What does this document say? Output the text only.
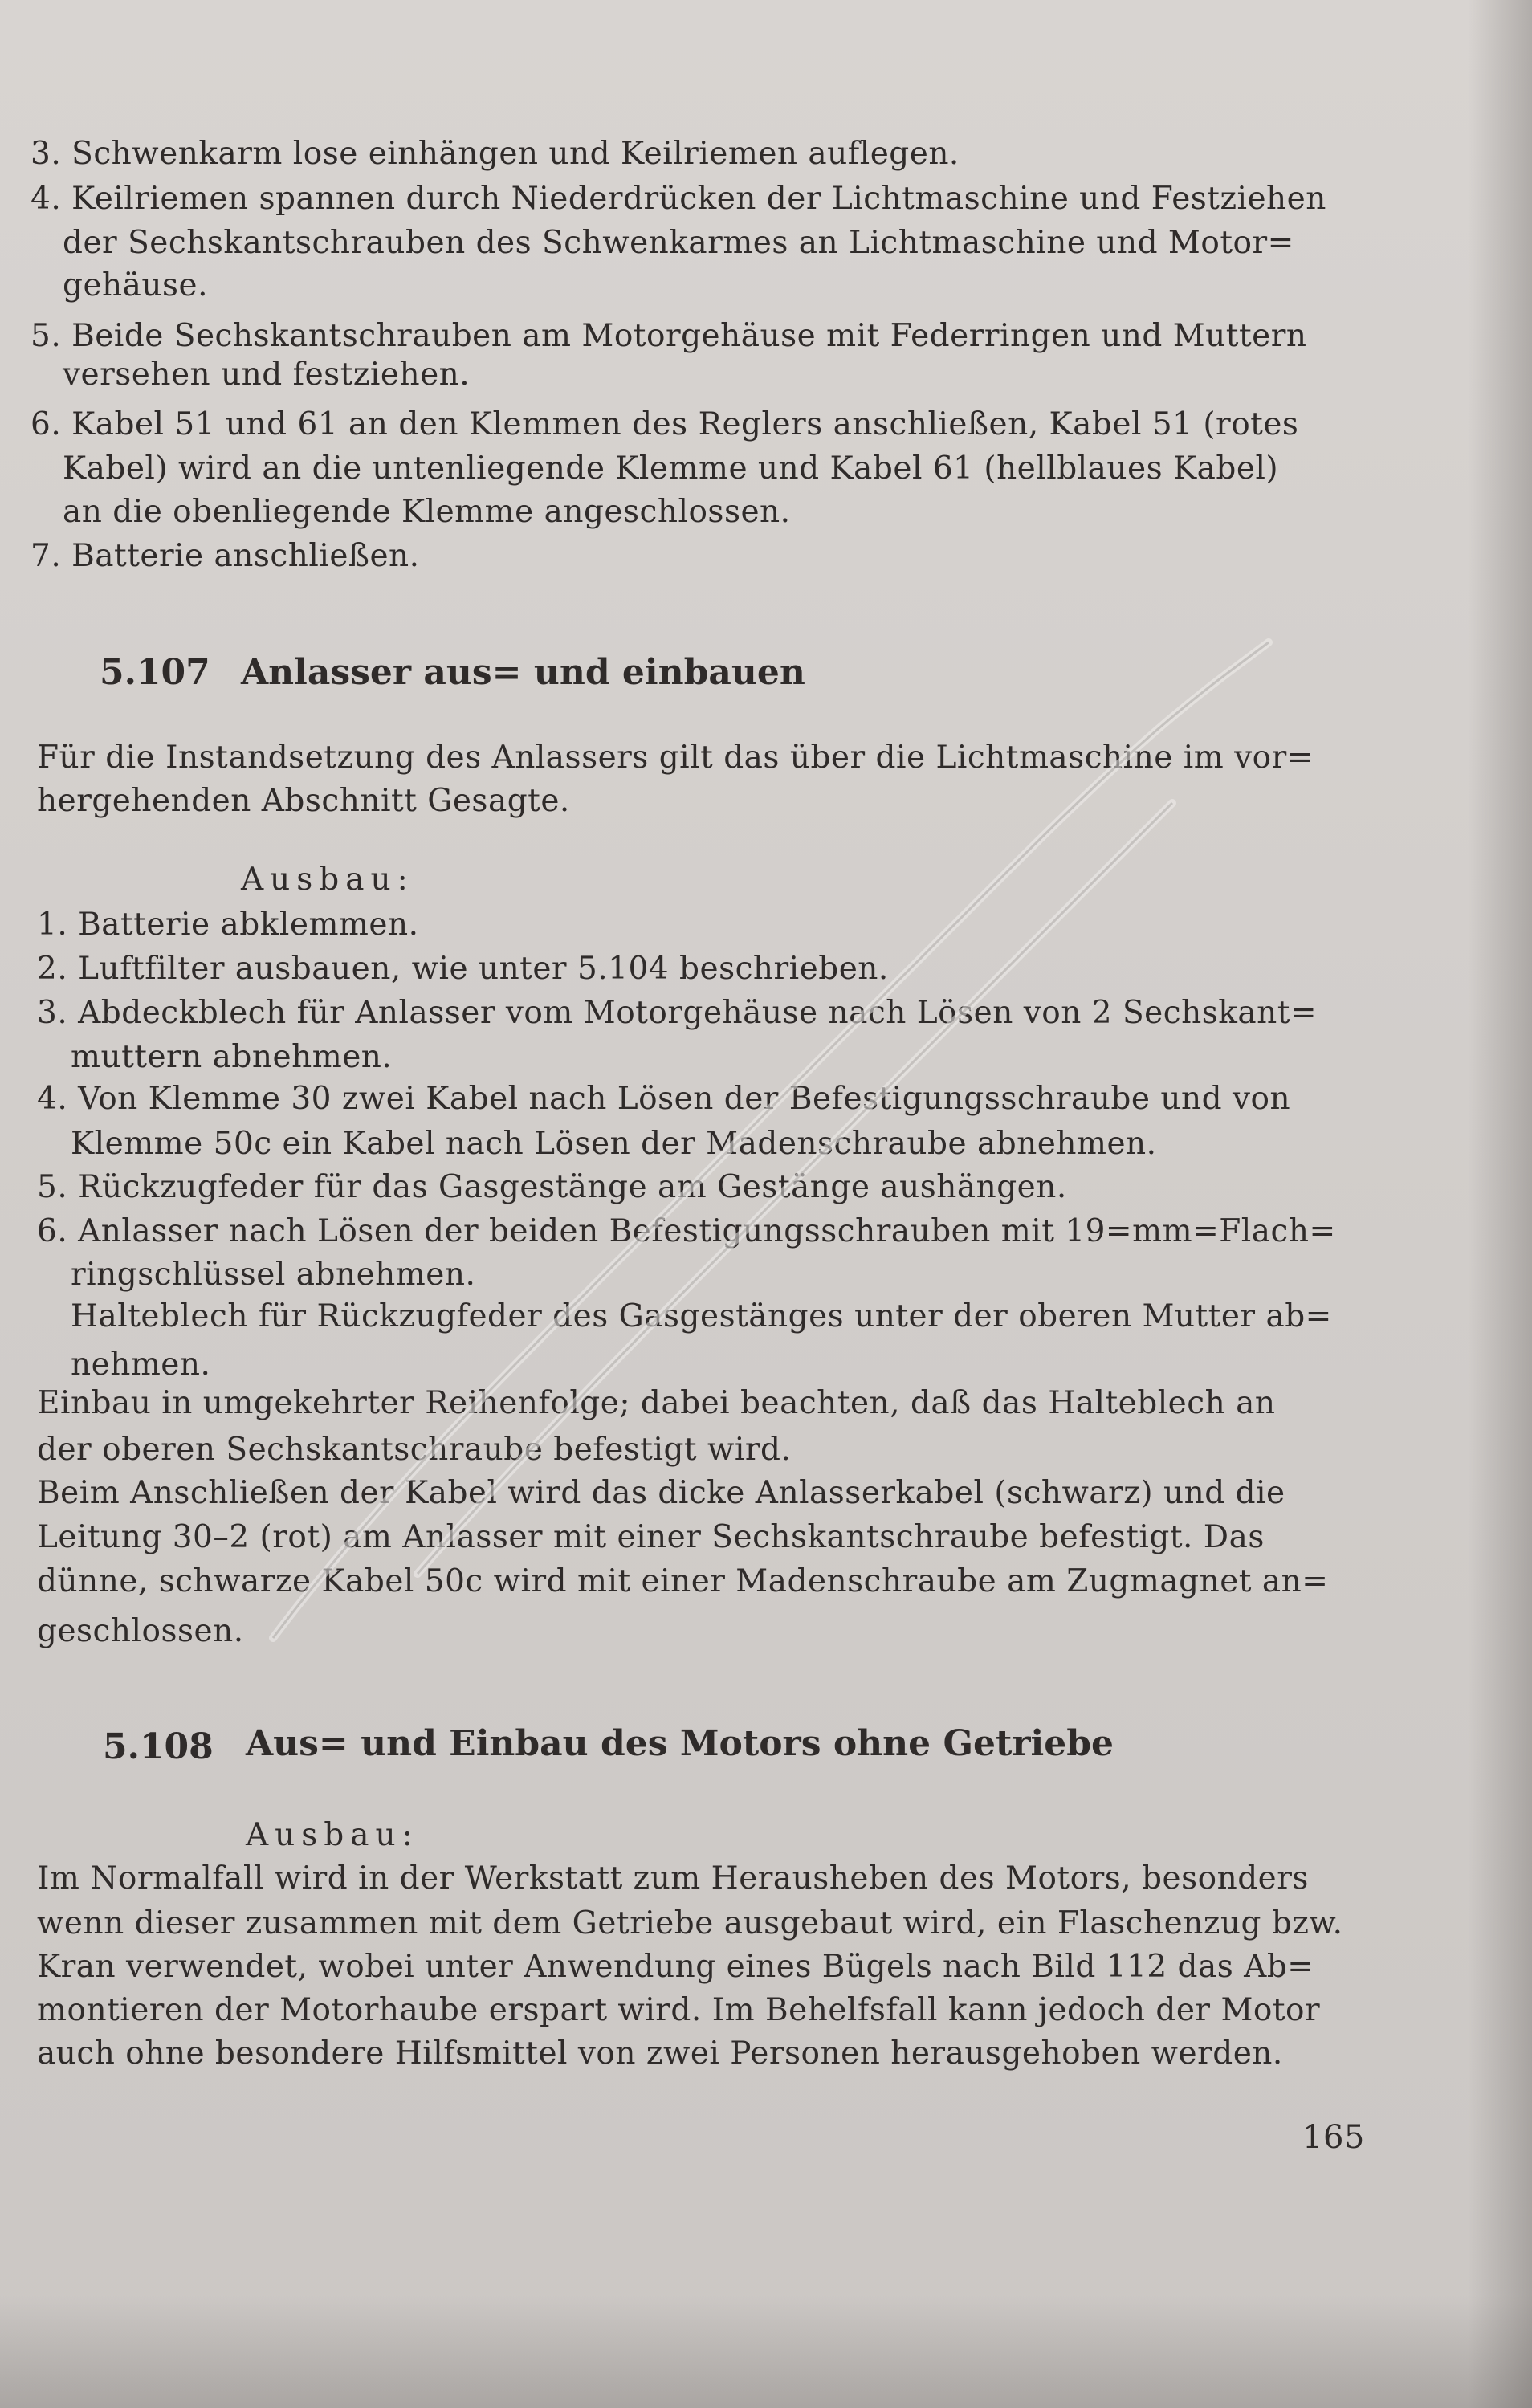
3. Schwenkarm lose einhängen und Keilriemen auflegen.
4. Keilriemen spannen durch Niederdrücken der Lichtmaschine und Festziehen
der Sechskantschrauben des Schwenkarmes an Lichtmaschine und Motor=
gehäuse.
5. Beide Sechskantschrauben am Motorgehäuse mit Federringen und Muttern
versehen und festziehen.
6. Kabel 51 und 61 an den Klemmen des Reglers anschließen, Kabel 51 (rotes
Kabel) wird an die untenliegende Klemme und Kabel 61 (hellblaues Kabel)
an die obenliegende Klemme angeschlossen.
7. Batterie anschließen.
5.107 Anlasser aus= und einbauen
Für die Instandsetzung des Anlassers gilt das über die Lichtmaschine im vor=
hergehenden Abschnitt Gesagte.
Ausbau:
1. Batterie abklemmen.
2. Luftfilter ausbauen, wie unter 5.104 beschrieben.
3. Abdeckblech für Anlasser vom Motorgehäuse nach Lösen von 2 Sechskant=
muttern abnehmen.
4. Von Klemme 30 zwei Kabel nach Lösen der Befestigungsschraube und von
Klemme 50c ein Kabel nach Lösen der Madenschraube abnehmen.
5. Rückzugfeder für das Gasgestänge am Gestänge aushängen.
6. Anlasser nach Lösen der beiden Befestigungsschrauben mit 19=mm=Flach=
ringschlüssel abnehmen.
Halteblech für Rückzugfeder des Gasgestänges unter der oberen Mutter ab=
nehmen.
Einbau in umgekehrter Reihenfolge; dabei beachten, daß das Halteblech an
der oberen Sechskantschraube befestigt wird.
Beim Anschließen der Kabel wird das dicke Anlasserkabel (schwarz) und die
Leitung 30–2 (rot) am Anlasser mit einer Sechskantschraube befestigt. Das
dünne, schwarze Kabel 50c wird mit einer Madenschraube am Zugmagnet an=
geschlossen.
5.108 Aus= und Einbau des Motors ohne Getriebe
Ausbau:
Im Normalfall wird in der Werkstatt zum Herausheben des Motors, besonders
wenn dieser zusammen mit dem Getriebe ausgebaut wird, ein Flaschenzug bzw.
Kran verwendet, wobei unter Anwendung eines Bügels nach Bild 112 das Ab=
montieren der Motorhaube erspart wird. Im Behelfsfall kann jedoch der Motor
auch ohne besondere Hilfsmittel von zwei Personen herausgehoben werden.
165
